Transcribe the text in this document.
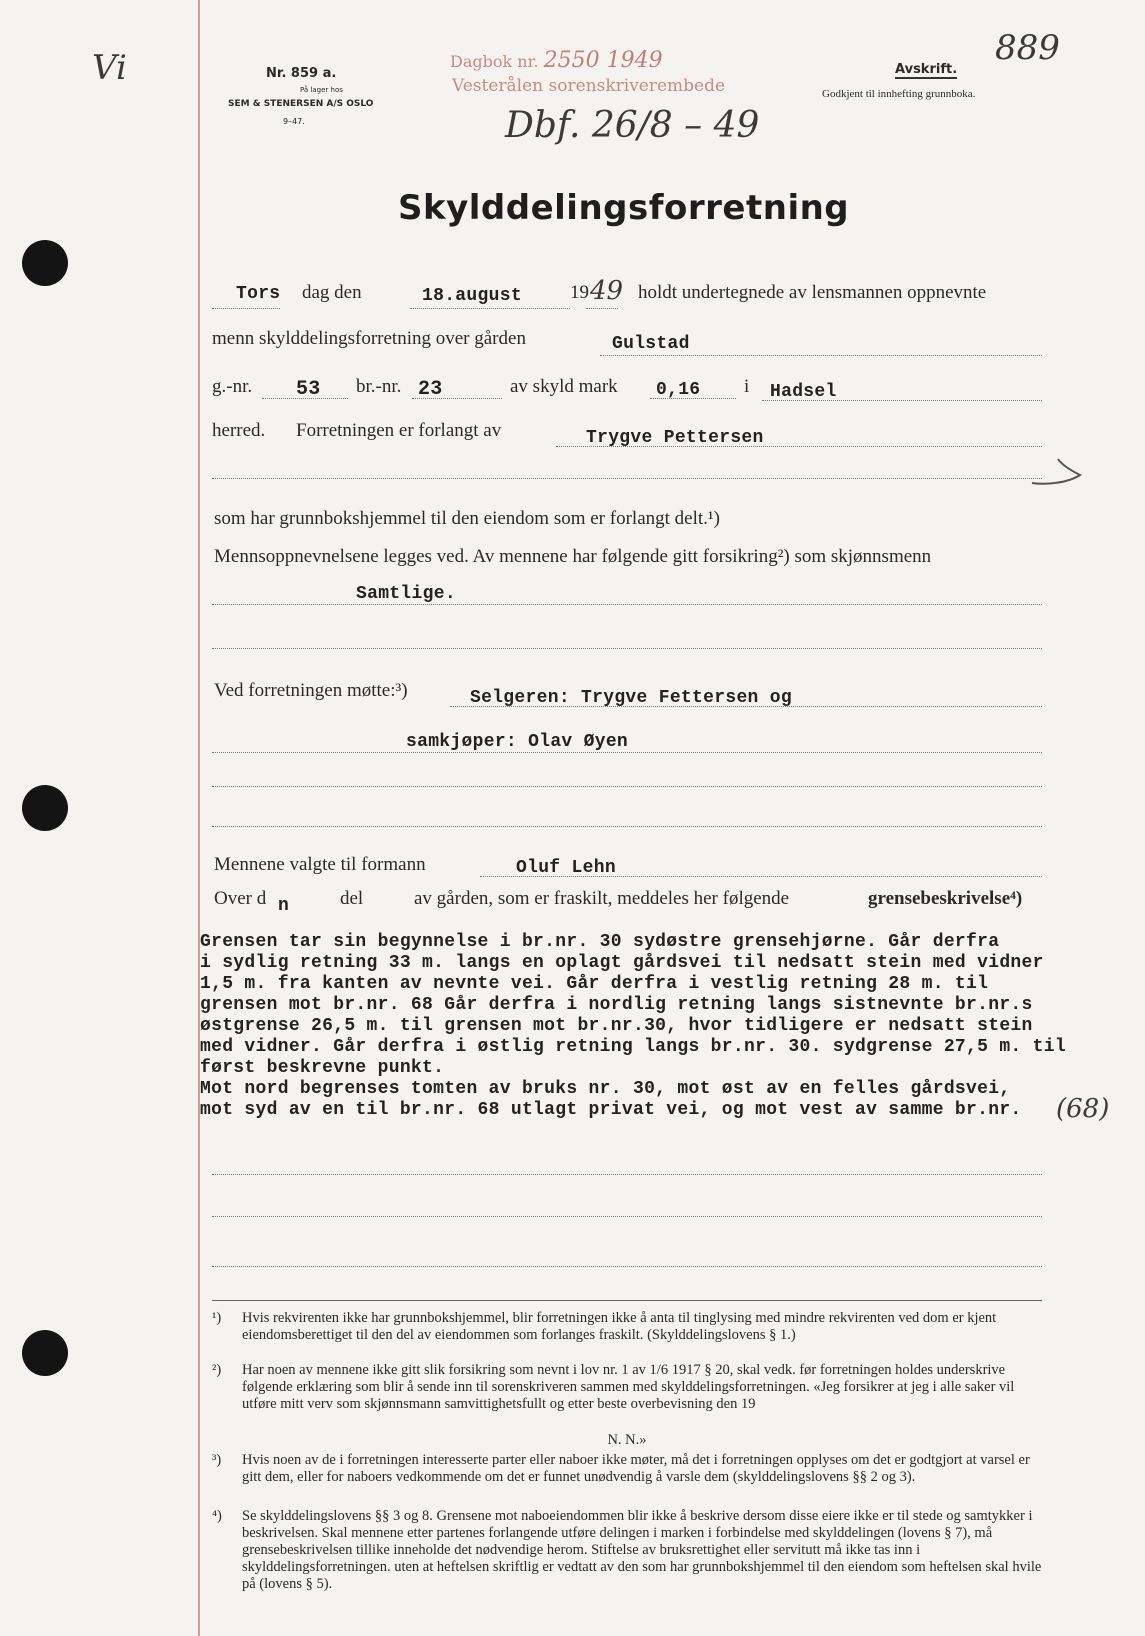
Vi	Nr. 859 a.
På lager hos
SEM & STENERSEN A/S OSLO
9–47.
Dagbok nr. 2550 1949
Vesterålen sorenskriverembede
Dbf. 26/8 – 49
Avskrift.
Godkjent til innhefting grunnboka.
889
Skylddelingsforretning
Tors dag den	18.august	19 49 holdt undertegnede av lensmannen oppnevnte
menn skylddelingsforretning over gården	Gulstad
g.-nr. 53 br.-nr. 23	av skyld mark 0,16 i Hadsel
herred. Forretningen er forlangt av	Trygve Pettersen
som har grunnbokshjemmel til den eiendom som er forlangt delt.¹)
Mennsoppnevnelsene legges ved. Av mennene har følgende gitt forsikring²) som skjønnsmenn
Samtlige.
Ved forretningen møtte:³)	Selgeren: Trygve Fettersen og
samkjøper: Olav Øyen
Mennene valgte til formann	Oluf Lehn
Over d n	del	av gården, som er fraskilt, meddeles her følgende	grensebeskrivelse⁴)
Grensen tar sin begynnelse i br.nr. 30 sydøstre grensehjørne. Går derfra
i sydlig retning 33 m. langs en oplagt gårdsvei til nedsatt stein med vidner
1,5 m. fra kanten av nevnte vei. Går derfra i vestlig retning 28 m. til
grensen mot br.nr. 68 Går derfra i nordlig retning langs sistnevnte br.nr.s
østgrense 26,5 m. til grensen mot br.nr.30, hvor tidligere er nedsatt stein
med vidner. Går derfra i østlig retning langs br.nr. 30. sydgrense 27,5 m. til
først beskrevne punkt.
Mot nord begrenses tomten av bruks nr. 30, mot øst av en felles gårdsvei,
mot syd av en til br.nr. 68 utlagt privat vei, og mot vest av samme br.nr. (68)
¹) Hvis rekvirenten ikke har grunnbokshjemmel, blir forretningen ikke å anta til tinglysing med mindre rekvirenten ved dom er kjent eiendomsberettiget til den del av eiendommen som forlanges fraskilt. (Skylddelingslovens § 1.)
²) Har noen av mennene ikke gitt slik forsikring som nevnt i lov nr. 1 av 1/6 1917 § 20, skal vedk. før forretningen holdes underskrive følgende erklæring som blir å sende inn til sorenskriveren sammen med skylddelingsforretningen. «Jeg forsikrer at jeg i alle saker vil utføre mitt verv som skjønnsmann samvittighetsfullt og etter beste overbevisning den 19
N. N.»
³) Hvis noen av de i forretningen interesserte parter eller naboer ikke møter, må det i forretningen opplyses om det er godtgjort at varsel er gitt dem, eller for naboers vedkommende om det er funnet unødvendig å varsle dem (skylddelingslovens §§ 2 og 3).
⁴) Se skylddelingslovens §§ 3 og 8. Grensene mot naboeiendommen blir ikke å beskrive dersom disse eiere ikke er til stede og samtykker i beskrivelsen. Skal mennene etter partenes forlangende utføre delingen i marken i forbindelse med skylddelingen (lovens § 7), må grensebeskrivelsen tillike inneholde det nødvendige herom. Stiftelse av bruksrettighet eller servitutt må ikke tas inn i skylddelingsforretningen. uten at heftelsen skriftlig er vedtatt av den som har grunnbokshjemmel til den eiendom som heftelsen skal hvile på (lovens § 5).
